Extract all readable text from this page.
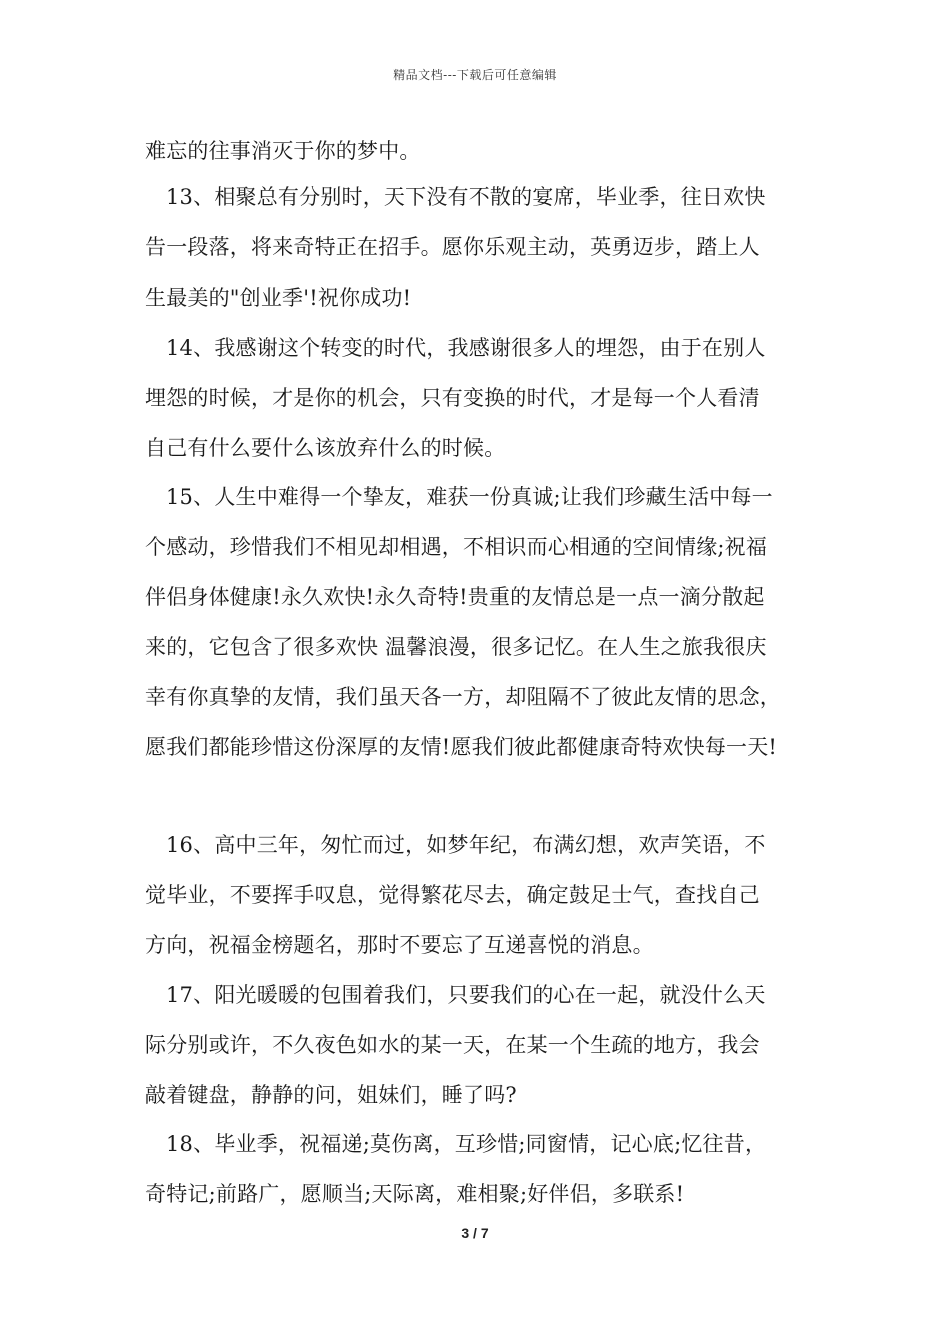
精品文档---下载后可任意编辑
难忘的往事消灭于你的梦中。
13、相聚总有分别时，天下没有不散的宴席，毕业季，往日欢快
告一段落，将来奇特正在招手。愿你乐观主动，英勇迈步，踏上人
生最美的"创业季'!祝你成功!
14、我感谢这个转变的时代，我感谢很多人的埋怨，由于在别人
埋怨的时候，才是你的机会，只有变换的时代，才是每一个人看清
自己有什么要什么该放弃什么的时候。
15、人生中难得一个挚友，难获一份真诚;让我们珍藏生活中每一
个感动，珍惜我们不相见却相遇，不相识而心相通的空间情缘;祝福
伴侣身体健康!永久欢快!永久奇特!贵重的友情总是一点一滴分散起
来的，它包含了很多欢快 温馨浪漫，很多记忆。在人生之旅我很庆
幸有你真挚的友情，我们虽天各一方，却阻隔不了彼此友情的思念，
愿我们都能珍惜这份深厚的友情!愿我们彼此都健康奇特欢快每一天!
16、高中三年，匆忙而过，如梦年纪，布满幻想，欢声笑语，不
觉毕业，不要挥手叹息，觉得繁花尽去，确定鼓足士气，查找自己
方向，祝福金榜题名，那时不要忘了互递喜悦的消息。
17、阳光暖暖的包围着我们，只要我们的心在一起，就没什么天
际分别或许，不久夜色如水的某一天，在某一个生疏的地方，我会
敲着键盘，静静的问，姐妹们，睡了吗?
18、毕业季，祝福递;莫伤离，互珍惜;同窗情，记心底;忆往昔，
奇特记;前路广，愿顺当;天际离，难相聚;好伴侣，多联系!
3 / 7
